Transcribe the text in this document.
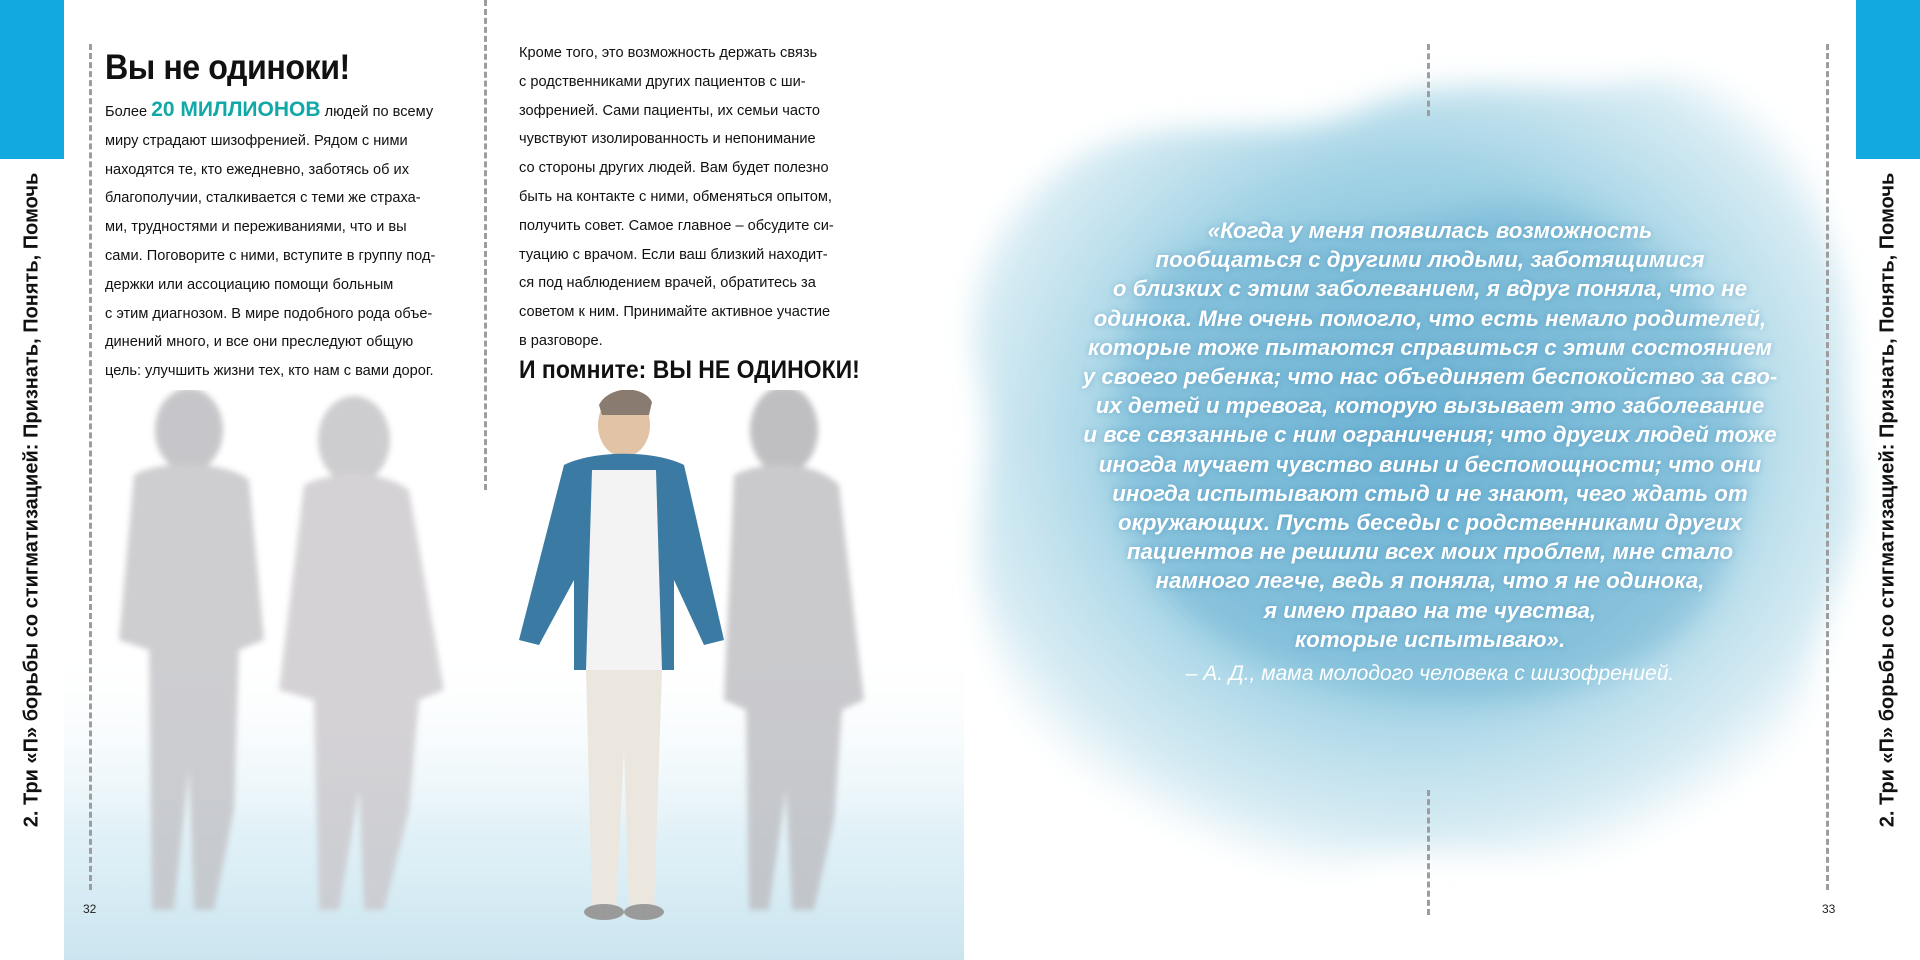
2. Три «П» борьбы со стигматизацией: Признать, Понять, Помочь	2. Три «П» борьбы со стигматизацией: Признать, Понять, Помочь
Вы не одиноки!

Более 20 МИЛЛИОНОВ людей по всему
миру страдают шизофренией. Рядом с ними
находятся те, кто ежедневно, заботясь об их
благополучии, сталкивается с теми же страха-
ми, трудностями и переживаниями, что и вы
сами. Поговорите с ними, вступите в группу под-
держки или ассоциацию помощи больным
с этим диагнозом. В мире подобного рода объе-
динений много, и все они преследуют общую
цель: улучшить жизни тех, кто нам с вами дорог.

Кроме того, это возможность держать связь
с родственниками других пациентов с ши-
зофренией. Сами пациенты, их семьи часто
чувствуют изолированность и непонимание
со стороны других людей. Вам будет полезно
быть на контакте с ними, обменяться опытом,
получить совет. Самое главное – обсудите си-
туацию с врачом. Если ваш близкий находит-
ся под наблюдением врачей, обратитесь за
советом к ним. Принимайте активное участие
в разговоре.

И помните: ВЫ НЕ ОДИНОКИ!

«Когда у меня появилась возможность
пообщаться с другими людьми, заботящимися
о близких с этим заболеванием, я вдруг поняла, что не
одинока. Мне очень помогло, что есть немало родителей,
которые тоже пытаются справиться с этим состоянием
у своего ребенка; что нас объединяет беспокойство за сво-
их детей и тревога, которую вызывает это заболевание
и все связанные с ним ограничения; что других людей тоже
иногда мучает чувство вины и беспомощности; что они
иногда испытывают стыд и не знают, чего ждать от
окружающих. Пусть беседы с родственниками других
пациентов не решили всех моих проблем, мне стало
намного легче, ведь я поняла, что я не одинока,
я имею право на те чувства,
которые испытываю».

– А. Д., мама молодого человека с шизофренией.

32	33
